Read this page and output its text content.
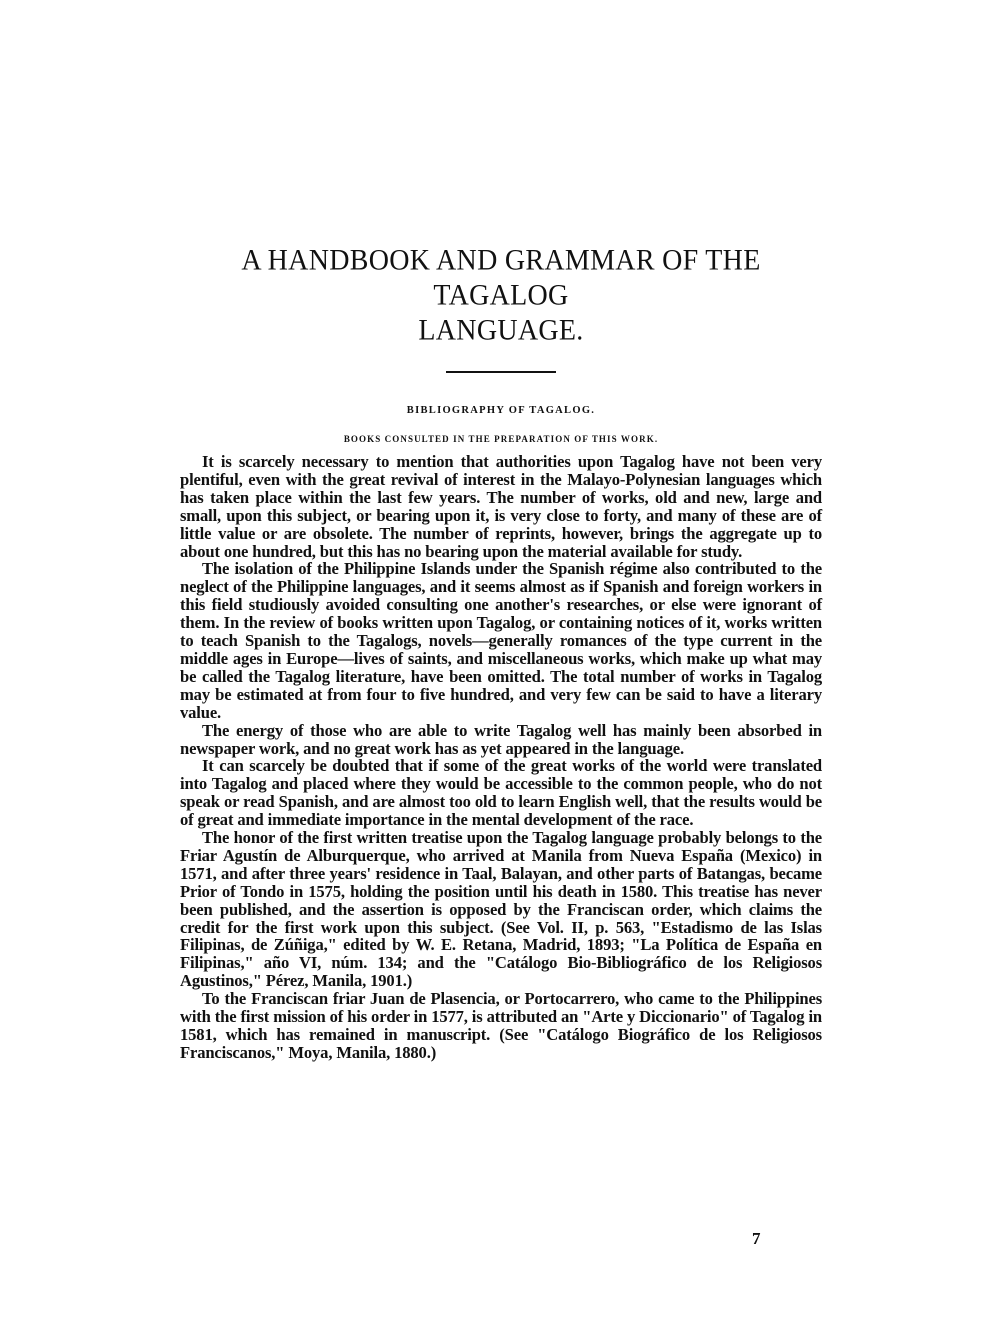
A HANDBOOK AND GRAMMAR OF THE TAGALOG
LANGUAGE.
BIBLIOGRAPHY OF TAGALOG.
BOOKS CONSULTED IN THE PREPARATION OF THIS WORK.

It is scarcely necessary to mention that authorities upon Tagalog have not been very plentiful, even with the great revival of interest in the Malayo-Polynesian languages which has taken place within the last few years. The number of works, old and new, large and small, upon this subject, or bearing upon it, is very close to forty, and many of these are of little value or are obsolete. The number of reprints, however, brings the aggregate up to about one hundred, but this has no bearing upon the material available for study.

The isolation of the Philippine Islands under the Spanish régime also contributed to the neglect of the Philippine languages, and it seems almost as if Spanish and foreign workers in this field studiously avoided consulting one another's researches, or else were ignorant of them. In the review of books written upon Tagalog, or containing notices of it, works written to teach Spanish to the Tagalogs, novels—generally romances of the type current in the middle ages in Europe—lives of saints, and miscellaneous works, which make up what may be called the Tagalog literature, have been omitted. The total number of works in Tagalog may be estimated at from four to five hundred, and very few can be said to have a literary value.

The energy of those who are able to write Tagalog well has mainly been absorbed in newspaper work, and no great work has as yet appeared in the language.

It can scarcely be doubted that if some of the great works of the world were translated into Tagalog and placed where they would be accessible to the common people, who do not speak or read Spanish, and are almost too old to learn English well, that the results would be of great and immediate importance in the mental development of the race.

The honor of the first written treatise upon the Tagalog language probably belongs to the Friar Agustín de Alburquerque, who arrived at Manila from Nueva España (Mexico) in 1571, and after three years' residence in Taal, Balayan, and other parts of Batangas, became Prior of Tondo in 1575, holding the position until his death in 1580. This treatise has never been published, and the assertion is opposed by the Franciscan order, which claims the credit for the first work upon this subject. (See Vol. II, p. 563, "Estadismo de las Islas Filipinas, de Zúñiga," edited by W. E. Retana, Madrid, 1893; "La Política de España en Filipinas," año VI, núm. 134; and the "Catálogo Bio-Bibliográfico de los Religiosos Agustinos," Pérez, Manila, 1901.)

To the Franciscan friar Juan de Plasencia, or Portocarrero, who came to the Philippines with the first mission of his order in 1577, is attributed an "Arte y Diccionario" of Tagalog in 1581, which has remained in manuscript. (See "Catálogo Biográfico de los Religiosos Franciscanos," Moya, Manila, 1880.)

7
